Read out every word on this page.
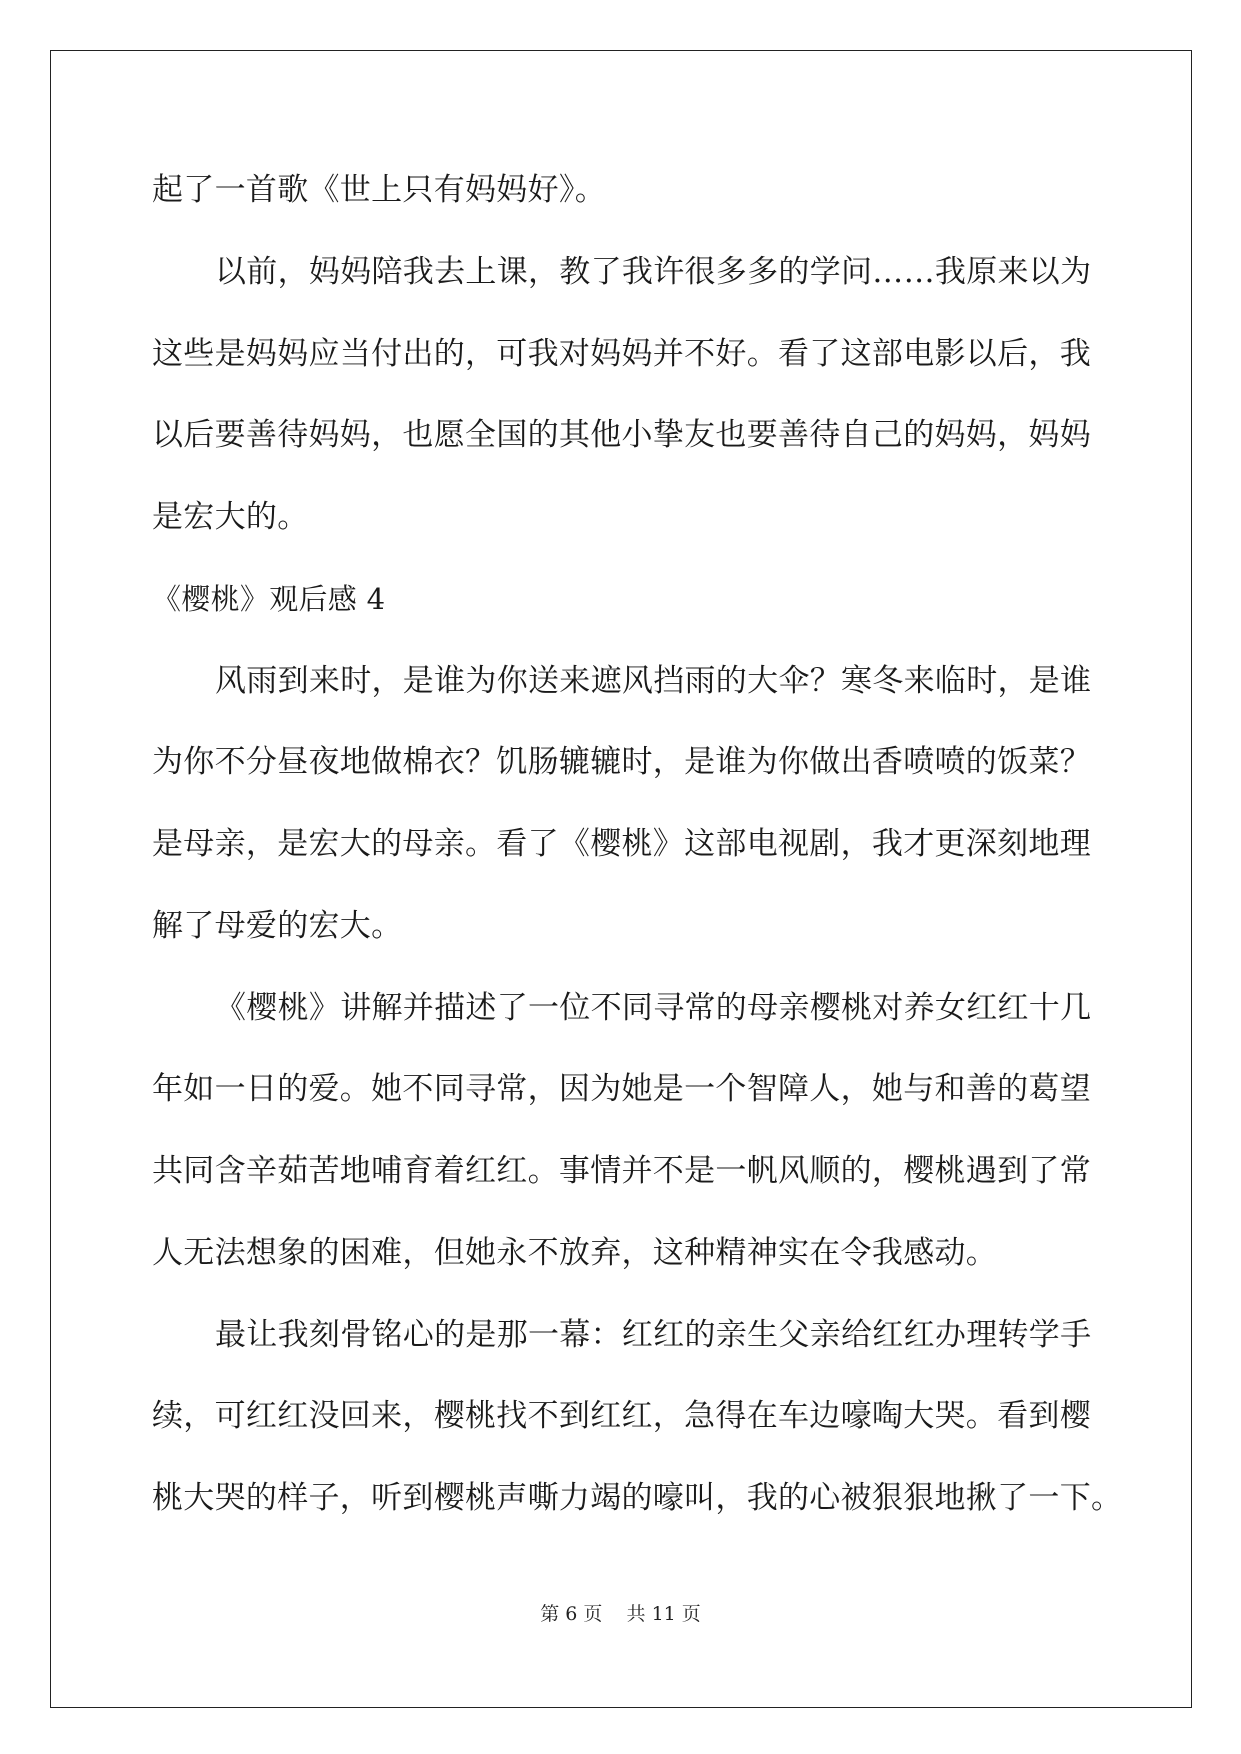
起了一首歌《世上只有妈妈好》。
以前，妈妈陪我去上课，教了我许很多多的学问……我原来以为
这些是妈妈应当付出的，可我对妈妈并不好。看了这部电影以后，我
以后要善待妈妈，也愿全国的其他小挚友也要善待自己的妈妈，妈妈
是宏大的。
《樱桃》观后感 4
风雨到来时，是谁为你送来遮风挡雨的大伞？寒冬来临时，是谁
为你不分昼夜地做棉衣？饥肠辘辘时，是谁为你做出香喷喷的饭菜？
是母亲，是宏大的母亲。看了《樱桃》这部电视剧，我才更深刻地理
解了母爱的宏大。
《樱桃》讲解并描述了一位不同寻常的母亲樱桃对养女红红十几
年如一日的爱。她不同寻常，因为她是一个智障人，她与和善的葛望
共同含辛茹苦地哺育着红红。事情并不是一帆风顺的，樱桃遇到了常
人无法想象的困难，但她永不放弃，这种精神实在令我感动。
最让我刻骨铭心的是那一幕：红红的亲生父亲给红红办理转学手
续，可红红没回来，樱桃找不到红红，急得在车边嚎啕大哭。看到樱
桃大哭的样子，听到樱桃声嘶力竭的嚎叫，我的心被狠狠地揪了一下。
第 6 页    共 11 页
